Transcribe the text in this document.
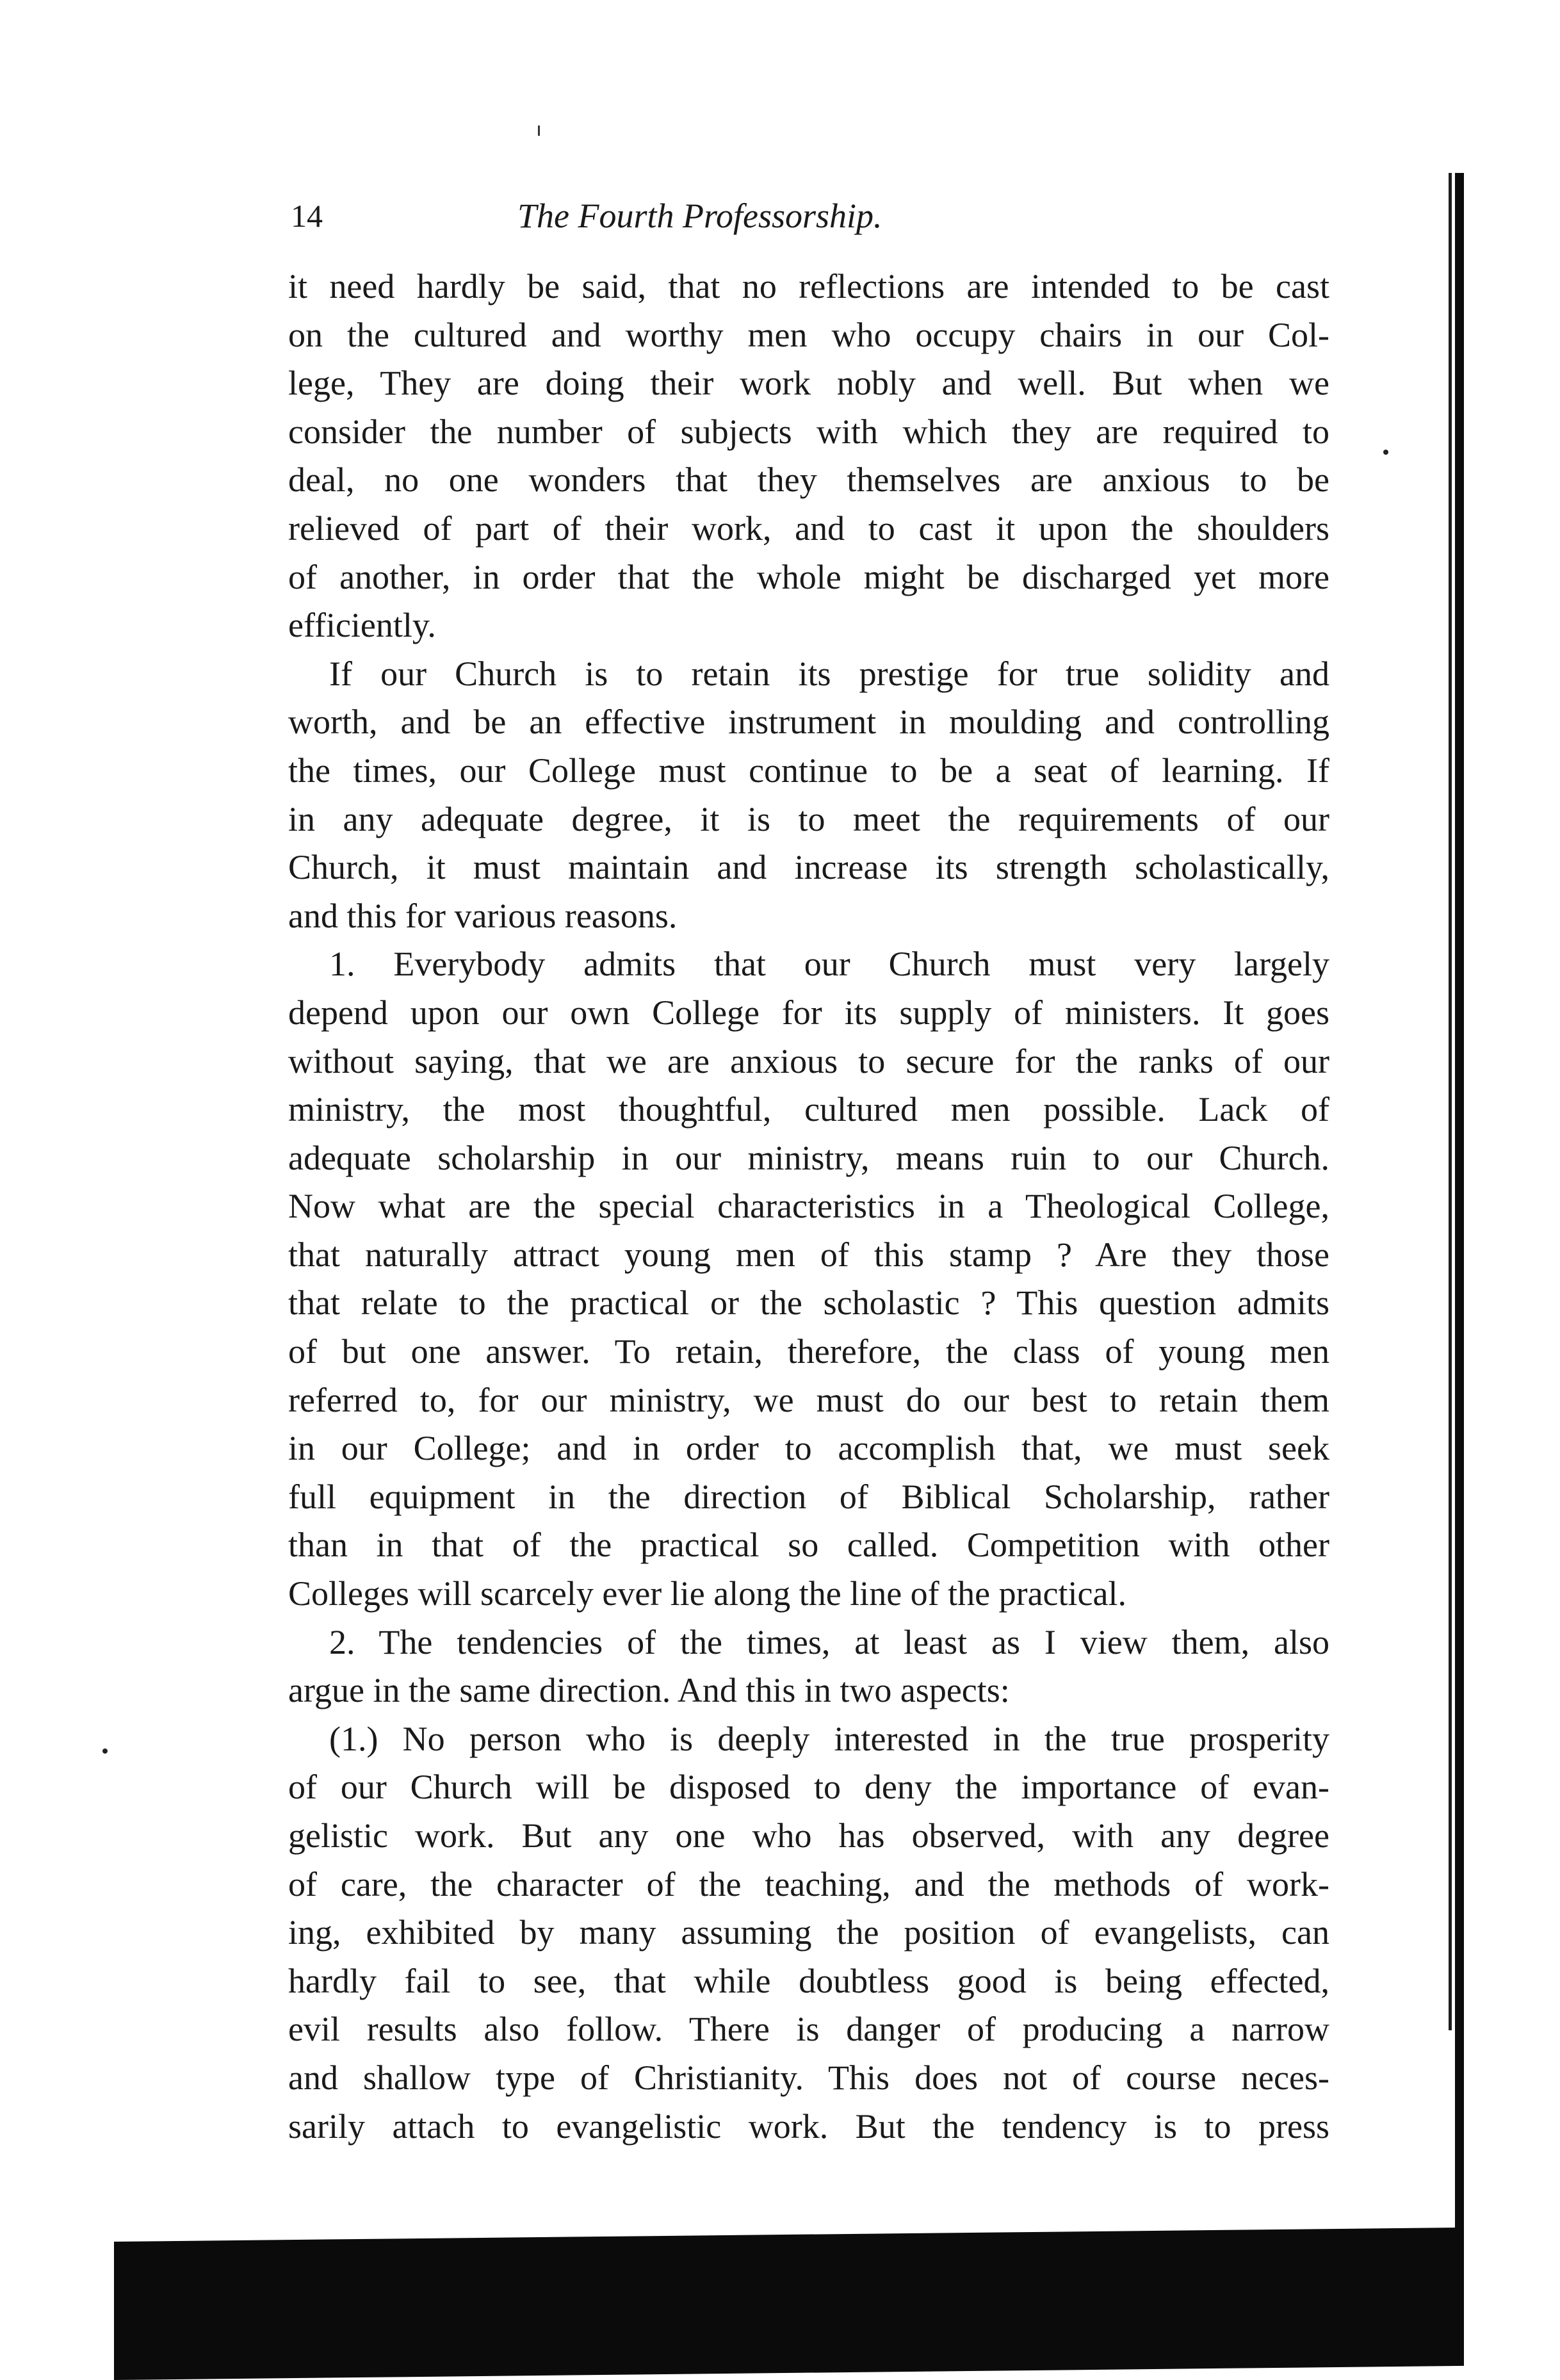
14	The Fourth Professorship.
it need hardly be said, that no reflections are intended to be cast
on the cultured and worthy men who occupy chairs in our Col-
lege, They are doing their work nobly and well. But when we
consider the number of subjects with which they are required to
deal, no one wonders that they themselves are anxious to be
relieved of part of their work, and to cast it upon the shoulders
of another, in order that the whole might be discharged yet more
efficiently.
If our Church is to retain its prestige for true solidity and
worth, and be an effective instrument in moulding and controlling
the times, our College must continue to be a seat of learning. If
in any adequate degree, it is to meet the requirements of our
Church, it must maintain and increase its strength scholastically,
and this for various reasons.
1. Everybody admits that our Church must very largely
depend upon our own College for its supply of ministers. It goes
without saying, that we are anxious to secure for the ranks of our
ministry, the most thoughtful, cultured men possible. Lack of
adequate scholarship in our ministry, means ruin to our Church.
Now what are the special characteristics in a Theological College,
that naturally attract young men of this stamp ? Are they those
that relate to the practical or the scholastic ? This question admits
of but one answer. To retain, therefore, the class of young men
referred to, for our ministry, we must do our best to retain them
in our College; and in order to accomplish that, we must seek
full equipment in the direction of Biblical Scholarship, rather
than in that of the practical so called. Competition with other
Colleges will scarcely ever lie along the line of the practical.
2. The tendencies of the times, at least as I view them, also
argue in the same direction. And this in two aspects:
(1.) No person who is deeply interested in the true prosperity
of our Church will be disposed to deny the importance of evan-
gelistic work. But any one who has observed, with any degree
of care, the character of the teaching, and the methods of work-
ing, exhibited by many assuming the position of evangelists, can
hardly fail to see, that while doubtless good is being effected,
evil results also follow. There is danger of producing a narrow
and shallow type of Christianity. This does not of course neces-
sarily attach to evangelistic work. But the tendency is to press
